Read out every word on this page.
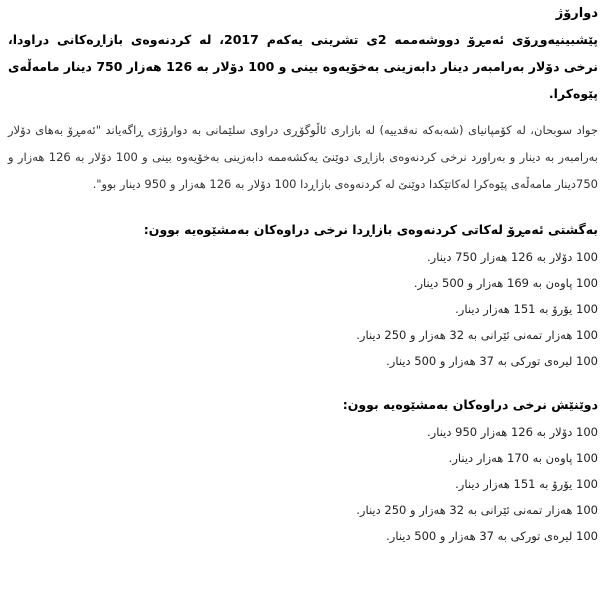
دوارۆژ

پێشبینیەوڕۆی ئەمڕۆ دووشەممە 2ی تشرینی یەکەم 2017، لە کردنەوەی بازاڕەکانی دراودا، نرخی دۆلار بەرامبەر دینار دابەزینی بەخۆیەوە بینی و 100 دۆلار بە 126 هەزار 750 دینار مامەڵەی پێوەکرا.

جواد سوبحان، لە کۆمپانیای (شەبەکە نەقدییە) لە بازاری ئاڵوگۆڕی دراوی سلێمانی بە دوارۆژی ڕاگەیاند "ئەمڕۆ بەهای دۆلار بەرامبەر بە دینار و بەراورد نرخی کردنەوەی بازاڕی دوێنێ یەکشەممە دابەزینی بەخۆیەوە بینی و 100 دۆلار بە 126 هەزار و 750دینار مامەڵەی پێوەکرا لەکاتێکدا دوێنێ لە کردنەوەی بازاڕدا 100 دۆلار بە 126 هەزار و 950 دینار بوو".

بەگشتی ئەمڕۆ لەکاتی کردنەوەی بازاڕدا نرخی دراوەکان بەمشێوەیە بوون:

100 دۆلار بە 126 هەزار 750 دینار.
100 پاوەن بە 169 هەزار و 500 دینار.
100 یۆرۆ بە 151 هەزار دینار.
100 هەزار تمەنی ئێرانی بە 32 هەزار و 250 دینار.
100 لیرەی تورکی بە 37 هەزار و 500 دینار.

دوێنێش نرخی دراوەکان بەمشێوەیە بوون:

100 دۆلار بە 126 هەزار 950 دینار.
100 پاوەن بە 170 هەزار دینار.
100 یۆرۆ بە 151 هەزار دینار.
100 هەزار تمەنی ئێرانی بە 32 هەزار و 250 دینار.
100 لیرەی تورکی بە 37 هەزار و 500 دینار.
